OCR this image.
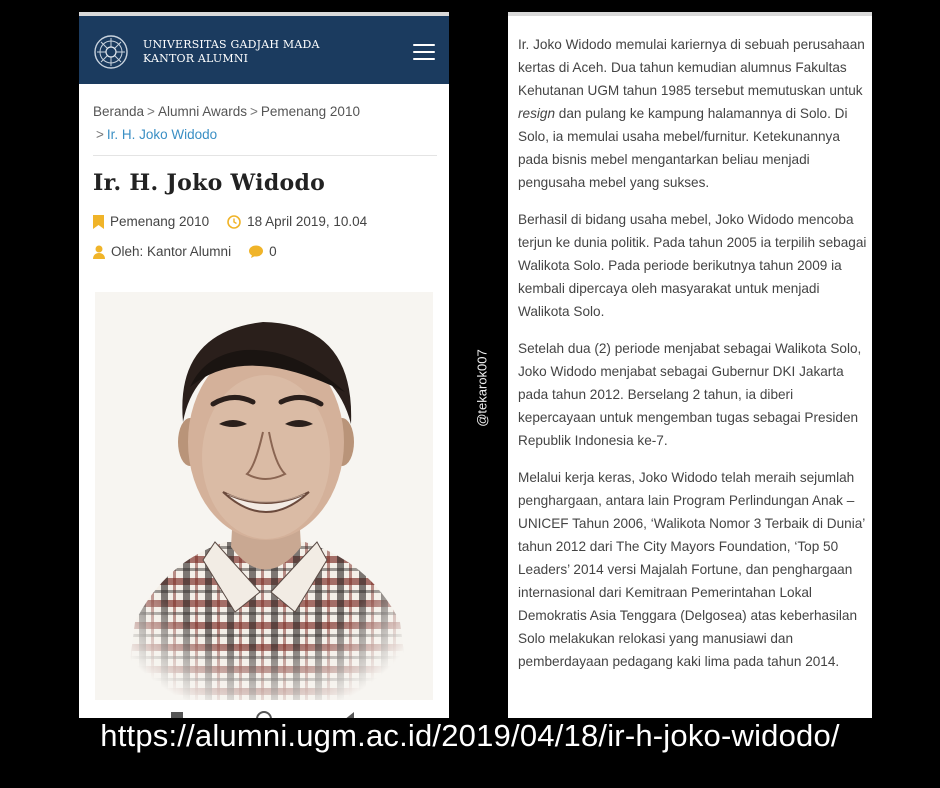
UNIVERSITAS GADJAH MADA
KANTOR ALUMNI
Beranda > Alumni Awards > Pemenang 2010
> Ir. H. Joko Widodo
Ir. H. Joko Widodo
Pemenang 2010	18 April 2019, 10.04
Oleh: Kantor Alumni	0
@tekarok007

Ir. Joko Widodo memulai kariernya di sebuah perusahaan kertas di Aceh. Dua tahun kemudian alumnus Fakultas Kehutanan UGM tahun 1985 tersebut memutuskan untuk resign dan pulang ke kampung halamannya di Solo. Di Solo, ia memulai usaha mebel/furnitur. Ketekunannya pada bisnis mebel mengantarkan beliau menjadi pengusaha mebel yang sukses.

Berhasil di bidang usaha mebel, Joko Widodo mencoba terjun ke dunia politik. Pada tahun 2005 ia terpilih sebagai Walikota Solo. Pada periode berikutnya tahun 2009 ia kembali dipercaya oleh masyarakat untuk menjadi Walikota Solo.

Setelah dua (2) periode menjabat sebagai Walikota Solo, Joko Widodo menjabat sebagai Gubernur DKI Jakarta pada tahun 2012. Berselang 2 tahun, ia diberi kepercayaan untuk mengemban tugas sebagai Presiden Republik Indonesia ke-7.

Melalui kerja keras, Joko Widodo telah meraih sejumlah penghargaan, antara lain Program Perlindungan Anak – UNICEF Tahun 2006, ‘Walikota Nomor 3 Terbaik di Dunia’ tahun 2012 dari The City Mayors Foundation, ‘Top 50 Leaders’ 2014 versi Majalah Fortune, dan penghargaan internasional dari Kemitraan Pemerintahan Lokal Demokratis Asia Tenggara (Delgosea) atas keberhasilan Solo melakukan relokasi yang manusiawi dan pemberdayaan pedagang kaki lima pada tahun 2014.

https://alumni.ugm.ac.id/2019/04/18/ir-h-joko-widodo/
